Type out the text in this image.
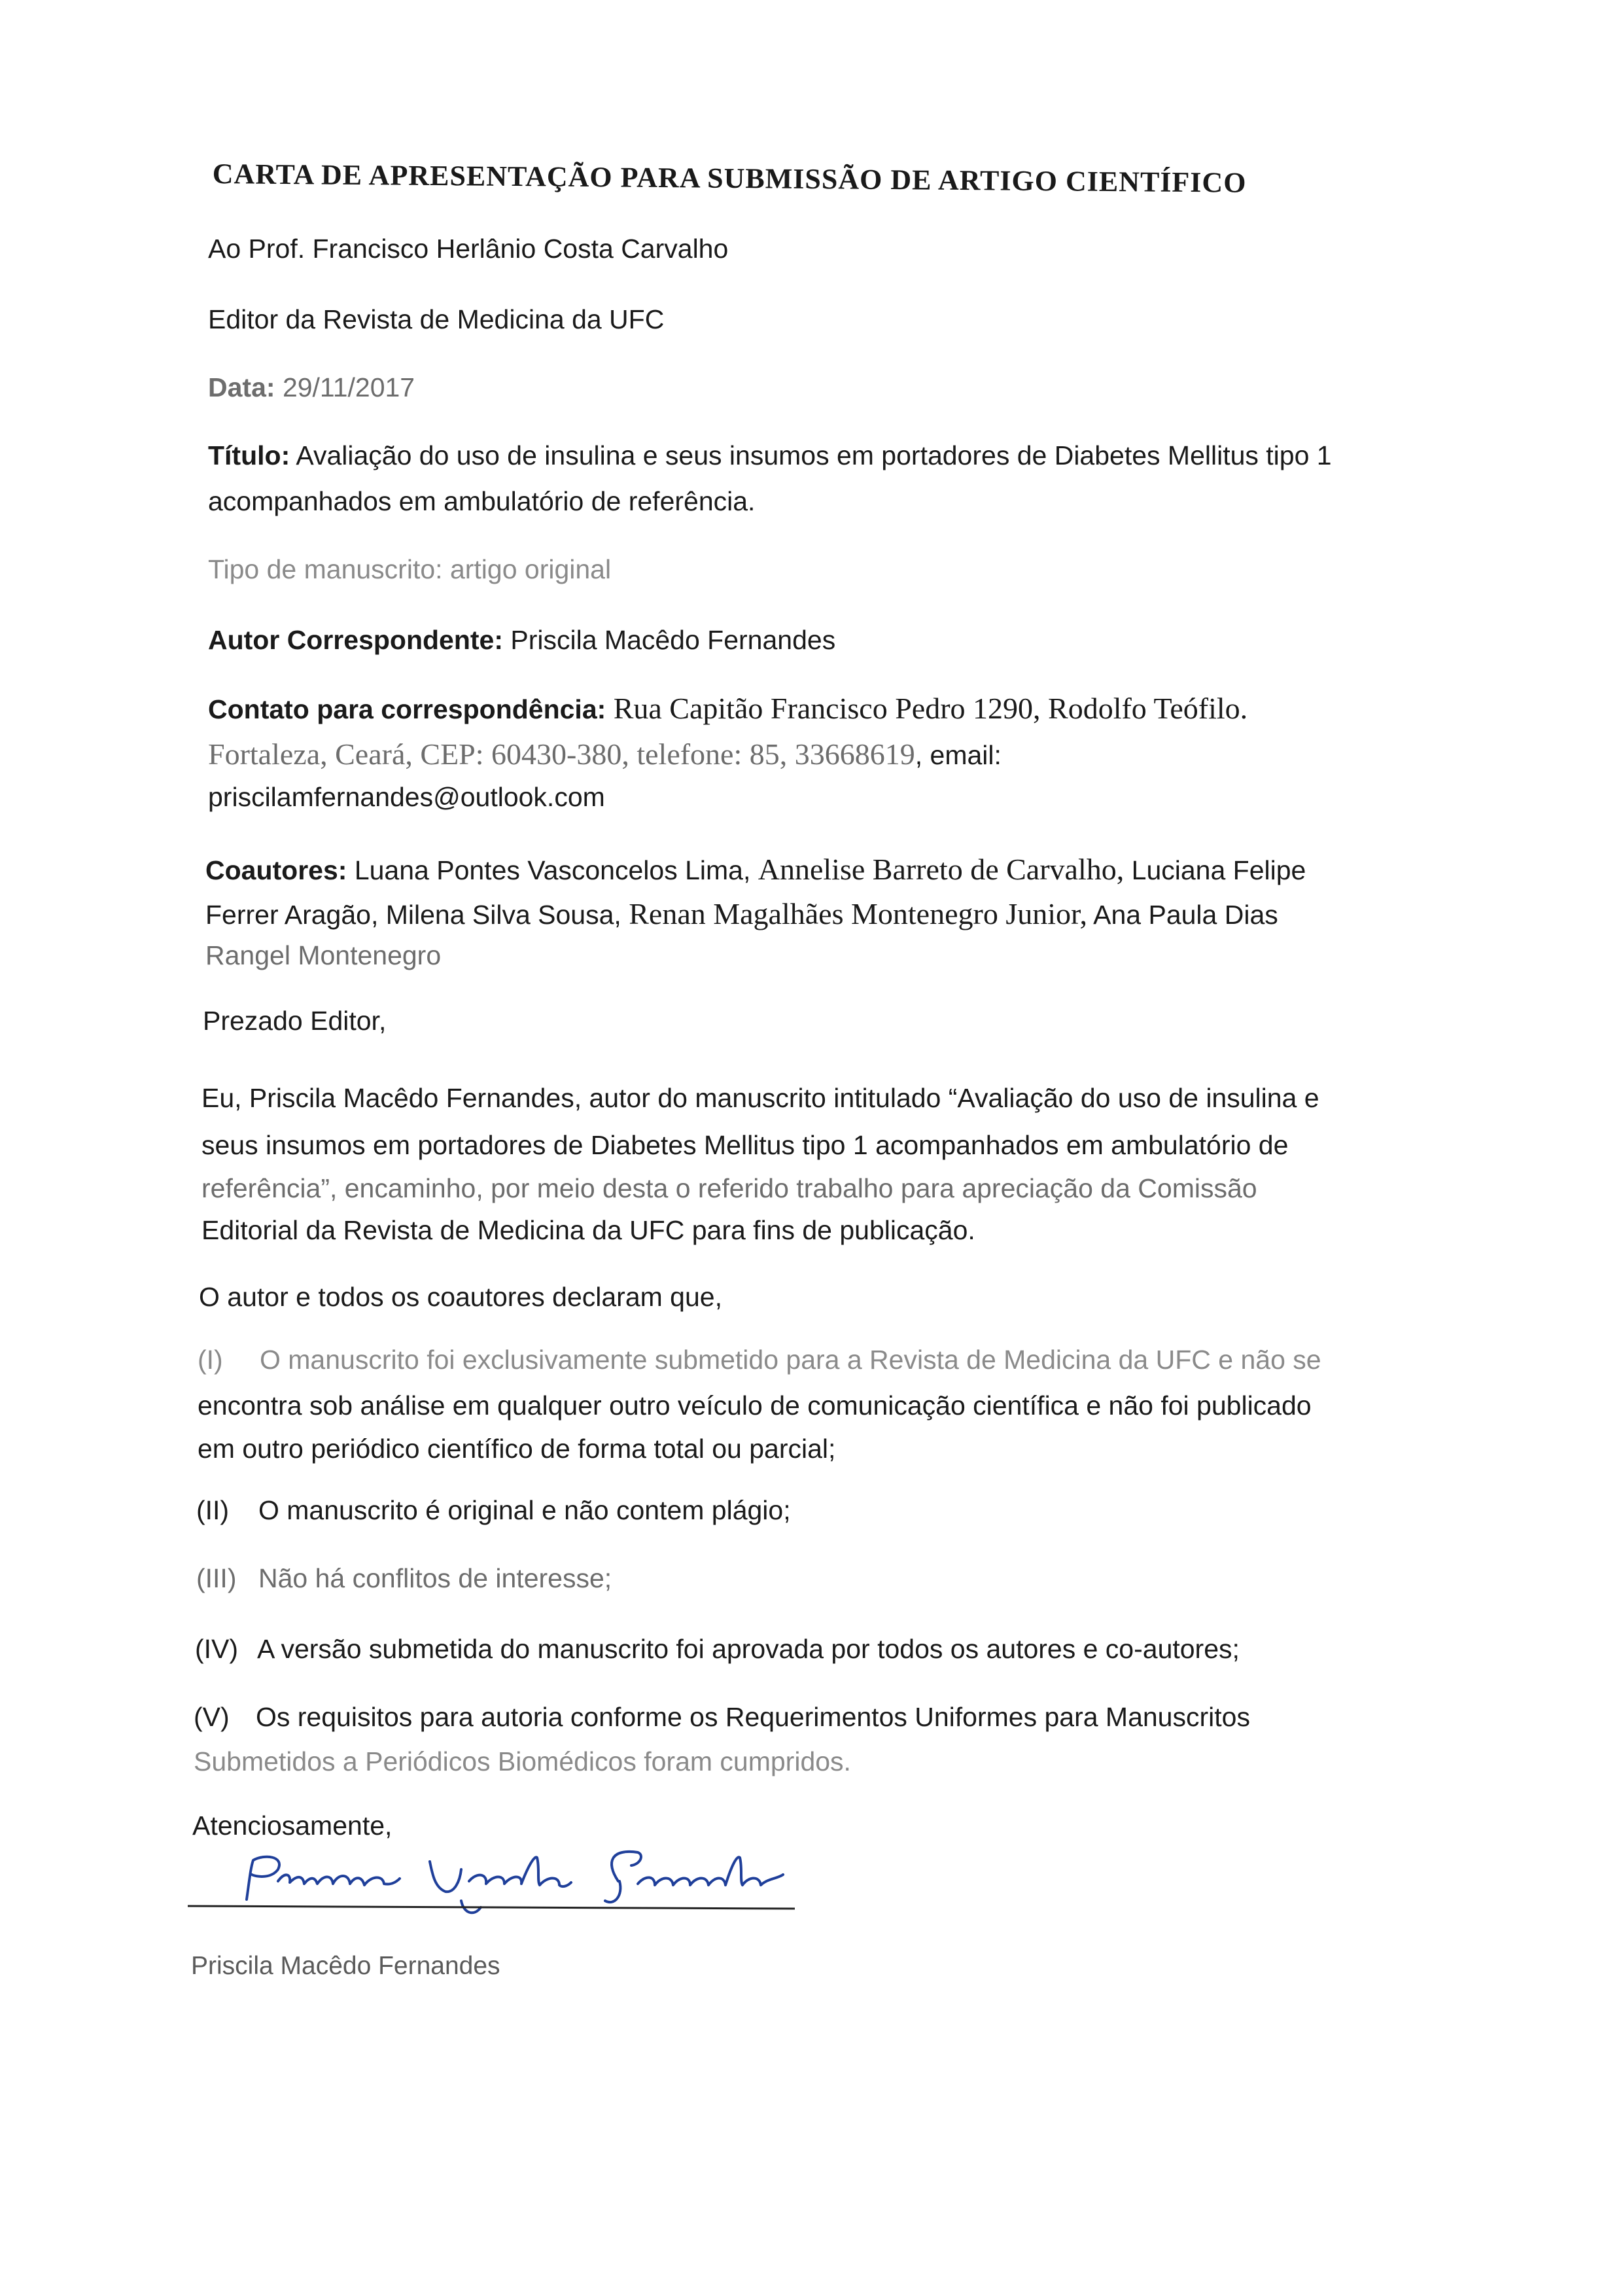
CARTA DE APRESENTAÇÃO PARA SUBMISSÃO DE ARTIGO CIENTÍFICO
Ao Prof. Francisco Herlânio Costa Carvalho
Editor da Revista de Medicina da UFC
Data: 29/11/2017
Título: Avaliação do uso de insulina e seus insumos em portadores de Diabetes Mellitus tipo 1
acompanhados em ambulatório de referência.
Tipo de manuscrito: artigo original
Autor Correspondente: Priscila Macêdo Fernandes
Contato para correspondência: Rua Capitão Francisco Pedro 1290, Rodolfo Teófilo.
Fortaleza, Ceará, CEP: 60430-380, telefone: 85, 33668619, email:
priscilamfernandes@outlook.com
Coautores: Luana Pontes Vasconcelos Lima, Annelise Barreto de Carvalho, Luciana Felipe
Ferrer Aragão, Milena Silva Sousa, Renan Magalhães Montenegro Junior, Ana Paula Dias
Rangel Montenegro
Prezado Editor,
Eu, Priscila Macêdo Fernandes, autor do manuscrito intitulado “Avaliação do uso de insulina e
seus insumos em portadores de Diabetes Mellitus tipo 1 acompanhados em ambulatório de
referência”, encaminho, por meio desta o referido trabalho para apreciação da Comissão
Editorial da Revista de Medicina da UFC para fins de publicação.
O autor e todos os coautores declaram que,
(I) O manuscrito foi exclusivamente submetido para a Revista de Medicina da UFC e não se
encontra sob análise em qualquer outro veículo de comunicação científica e não foi publicado
em outro periódico científico de forma total ou parcial;
(II) O manuscrito é original e não contem plágio;
(III) Não há conflitos de interesse;
(IV) A versão submetida do manuscrito foi aprovada por todos os autores e co-autores;
(V) Os requisitos para autoria conforme os Requerimentos Uniformes para Manuscritos
Submetidos a Periódicos Biomédicos foram cumpridos.
Atenciosamente,
Priscila Macêdo Fernandes
